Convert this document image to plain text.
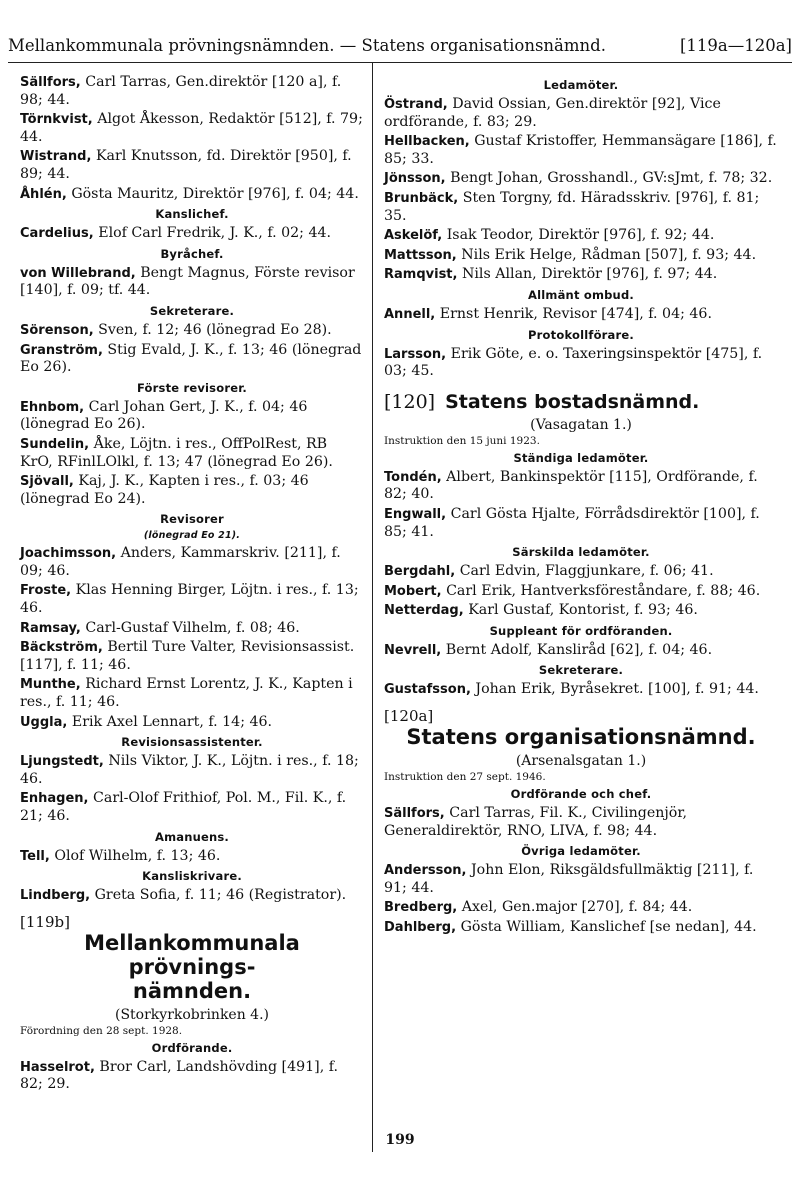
Mellankommunala prövningsnämnden. — Statens organisationsnämnd.	[119a—120a]
Sällfors, Carl Tarras, Gen.direktör [120 a], f. 98; 44.
Törnkvist, Algot Åkesson, Redaktör [512], f. 79; 44.
Wistrand, Karl Knutsson, fd. Direktör [950], f. 89; 44.
Åhlén, Gösta Mauritz, Direktör [976], f. 04; 44.
Kanslichef.
Cardelius, Elof Carl Fredrik, J. K., f. 02; 44.
Byråchef.
von Willebrand, Bengt Magnus, Förste revisor [140], f. 09; tf. 44.
Sekreterare.
Sörenson, Sven, f. 12; 46 (lönegrad Eo 28).
Granström, Stig Evald, J. K., f. 13; 46 (lönegrad Eo 26).
Förste revisorer.
Ehnbom, Carl Johan Gert, J. K., f. 04; 46 (lönegrad Eo 26).
Sundelin, Åke, Löjtn. i res., OffPolRest, RB KrO, RFinlLOlkl, f. 13; 47 (lönegrad Eo 26).
Sjövall, Kaj, J. K., Kapten i res., f. 03; 46 (lönegrad Eo 24).
Revisorer
(lönegrad Eo 21).
Joachimsson, Anders, Kammarskriv. [211], f. 09; 46.
Froste, Klas Henning Birger, Löjtn. i res., f. 13; 46.
Ramsay, Carl-Gustaf Vilhelm, f. 08; 46.
Bäckström, Bertil Ture Valter, Revisionsassist. [117], f. 11; 46.
Munthe, Richard Ernst Lorentz, J. K., Kapten i res., f. 11; 46.
Uggla, Erik Axel Lennart, f. 14; 46.
Revisionsassistenter.
Ljungstedt, Nils Viktor, J. K., Löjtn. i res., f. 18; 46.
Enhagen, Carl-Olof Frithiof, Pol. M., Fil. K., f. 21; 46.
Amanuens.
Tell, Olof Wilhelm, f. 13; 46.
Kansliskrivare.
Lindberg, Greta Sofia, f. 11; 46 (Registrator).
[119b]
Mellankommunala prövnings-
nämnden.
(Storkyrkobrinken 4.)
Förordning den 28 sept. 1928.
Ordförande.
Hasselrot, Bror Carl, Landshövding [491], f. 82; 29.
Ledamöter.
Östrand, David Ossian, Gen.direktör [92], Vice ordförande, f. 83; 29.
Hellbacken, Gustaf Kristoffer, Hemmansägare [186], f. 85; 33.
Jönsson, Bengt Johan, Grosshandl., GV:sJmt, f. 78; 32.
Brunbäck, Sten Torgny, fd. Häradsskriv. [976], f. 81; 35.
Askelöf, Isak Teodor, Direktör [976], f. 92; 44.
Mattsson, Nils Erik Helge, Rådman [507], f. 93; 44.
Ramqvist, Nils Allan, Direktör [976], f. 97; 44.
Allmänt ombud.
Annell, Ernst Henrik, Revisor [474], f. 04; 46.
Protokollförare.
Larsson, Erik Göte, e. o. Taxeringsinspektör [475], f. 03; 45.
[120] Statens bostadsnämnd.
(Vasagatan 1.)
Instruktion den 15 juni 1923.
Ständiga ledamöter.
Tondén, Albert, Bankinspektör [115], Ordförande, f. 82; 40.
Engwall, Carl Gösta Hjalte, Förrådsdirektör [100], f. 85; 41.
Särskilda ledamöter.
Bergdahl, Carl Edvin, Flaggjunkare, f. 06; 41.
Mobert, Carl Erik, Hantverksföreståndare, f. 88; 46.
Netterdag, Karl Gustaf, Kontorist, f. 93; 46.
Suppleant för ordföranden.
Nevrell, Bernt Adolf, Kansliråd [62], f. 04; 46.
Sekreterare.
Gustafsson, Johan Erik, Byråsekret. [100], f. 91; 44.
[120a]
Statens organisationsnämnd.
(Arsenalsgatan 1.)
Instruktion den 27 sept. 1946.
Ordförande och chef.
Sällfors, Carl Tarras, Fil. K., Civilingenjör, Generaldirektör, RNO, LIVA, f. 98; 44.
Övriga ledamöter.
Andersson, John Elon, Riksgäldsfullmäktig [211], f. 91; 44.
Bredberg, Axel, Gen.major [270], f. 84; 44.
Dahlberg, Gösta William, Kanslichef [se nedan], 44.
199
